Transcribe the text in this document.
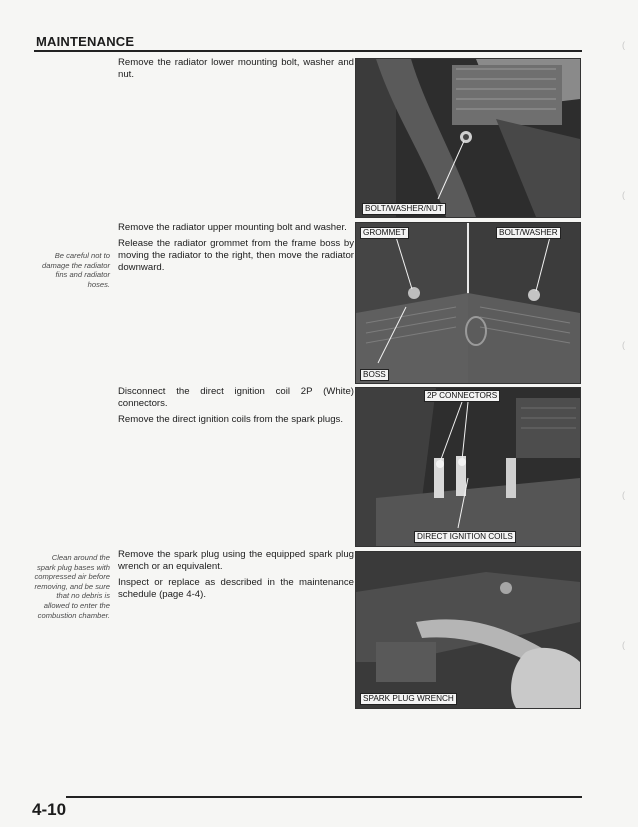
MAINTENANCE

Remove the radiator lower mounting bolt, washer and nut.

Remove the radiator upper mounting bolt and washer.

Release the radiator grommet from the frame boss by moving the radiator to the right, then move the radiator downward.

Be careful not to damage the radiator fins and radiator hoses.

Disconnect the direct ignition coil 2P (White) connectors.

Remove the direct ignition coils from the spark plugs.

Remove the spark plug using the equipped spark plug wrench or an equivalent.

Inspect or replace as described in the maintenance schedule (page 4-4).

Clean around the spark plug bases with compressed air before removing, and be sure that no debris is allowed to enter the combustion chamber.
BOLT/WASHER/NUT
GROMMET	BOLT/WASHER
BOSS
2P CONNECTORS
DIRECT IGNITION COILS
SPARK PLUG WRENCH
4-10
(
(
(
(
(
